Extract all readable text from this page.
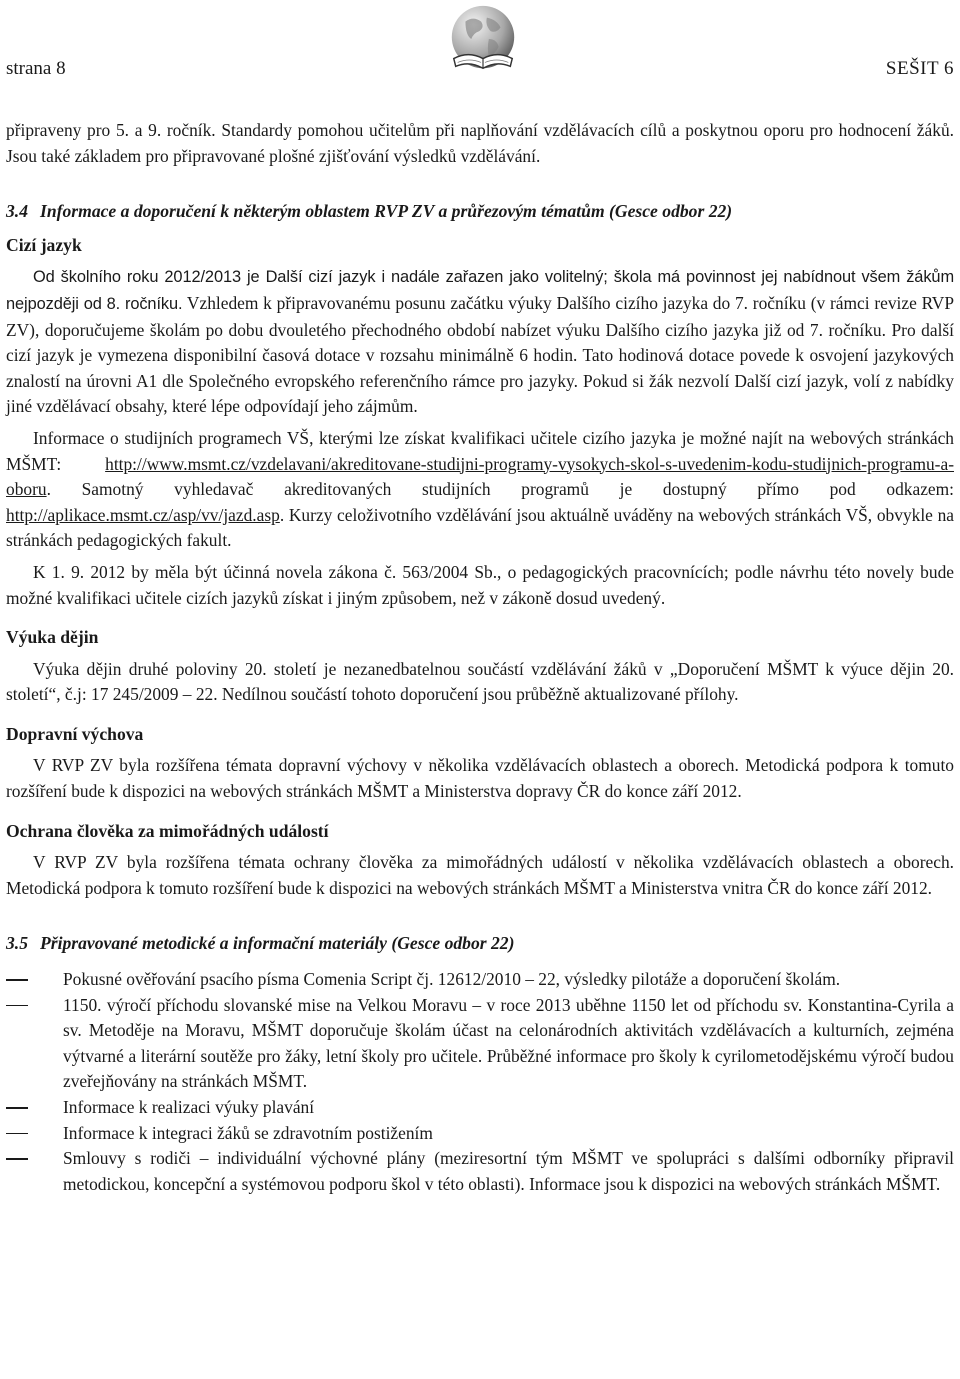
strana 8	SEŠIT 6

připraveny pro 5. a 9. ročník. Standardy pomohou učitelům při naplňování vzdělávacích cílů a poskytnou oporu pro hodnocení žáků. Jsou také základem pro připravované plošné zjišťování výsledků vzdělávání.

3.4 Informace a doporučení k některým oblastem RVP ZV a průřezovým tématům (Gesce odbor 22)

Cizí jazyk

Od školního roku 2012/2013 je Další cizí jazyk i nadále zařazen jako volitelný; škola má povinnost jej nabídnout všem žákům nejpozději od 8. ročníku. Vzhledem k připravovanému posunu začátku výuky Dalšího cizího jazyka do 7. ročníku (v rámci revize RVP ZV), doporučujeme školám po dobu dvouletého přechodného období nabízet výuku Dalšího cizího jazyka již od 7. ročníku. Pro další cizí jazyk je vymezena disponibilní časová dotace v rozsahu minimálně 6 hodin. Tato hodinová dotace povede k osvojení jazykových znalostí na úrovni A1 dle Společného evropského referenčního rámce pro jazyky. Pokud si žák nezvolí Další cizí jazyk, volí z nabídky jiné vzdělávací obsahy, které lépe odpovídají jeho zájmům.

Informace o studijních programech VŠ, kterými lze získat kvalifikaci učitele cizího jazyka je možné najít na webových stránkách MŠMT: http://www.msmt.cz/vzdelavani/akreditovane-studijni-programy-vysokych-skol-s-uvedenim-kodu-studijnich-programu-a-oboru. Samotný vyhledavač akreditovaných studijních programů je dostupný přímo pod odkazem: http://aplikace.msmt.cz/asp/vv/jazd.asp. Kurzy celoživotního vzdělávání jsou aktuálně uváděny na webových stránkách VŠ, obvykle na stránkách pedagogických fakult.

K 1. 9. 2012 by měla být účinná novela zákona č. 563/2004 Sb., o pedagogických pracovnících; podle návrhu této novely bude možné kvalifikaci učitele cizích jazyků získat i jiným způsobem, než v zákoně dosud uvedený.

Výuka dějin

Výuka dějin druhé poloviny 20. století je nezanedbatelnou součástí vzdělávání žáků v „Doporučení MŠMT k výuce dějin 20. století“, č.j: 17 245/2009 – 22. Nedílnou součástí tohoto doporučení jsou průběžně aktualizované přílohy.

Dopravní výchova

V RVP ZV byla rozšířena témata dopravní výchovy v několika vzdělávacích oblastech a oborech. Metodická podpora k tomuto rozšíření bude k dispozici na webových stránkách MŠMT a Ministerstva dopravy ČR do konce září 2012.

Ochrana člověka za mimořádných událostí

V RVP ZV byla rozšířena témata ochrany člověka za mimořádných událostí v několika vzdělávacích oblastech a oborech. Metodická podpora k tomuto rozšíření bude k dispozici na webových stránkách MŠMT a Ministerstva vnitra ČR do konce září 2012.

3.5 Připravované metodické a informační materiály (Gesce odbor 22)

Pokusné ověřování psacího písma Comenia Script čj. 12612/2010 – 22, výsledky pilotáže a doporučení školám.
1150. výročí příchodu slovanské mise na Velkou Moravu – v roce 2013 uběhne 1150 let od příchodu sv. Konstantina-Cyrila a sv. Metoděje na Moravu, MŠMT doporučuje školám účast na celonárodních aktivitách vzdělávacích a kulturních, zejména výtvarné a literární soutěže pro žáky, letní školy pro učitele. Průběžné informace pro školy k cyrilometodějskému výročí budou zveřejňovány na stránkách MŠMT.
Informace k realizaci výuky plavání
Informace k integraci žáků se zdravotním postižením
Smlouvy s rodiči – individuální výchovné plány (meziresortní tým MŠMT ve spolupráci s dalšími odborníky připravil metodickou, koncepční a systémovou podporu škol v této oblasti). Informace jsou k dispozici na webových stránkách MŠMT.
